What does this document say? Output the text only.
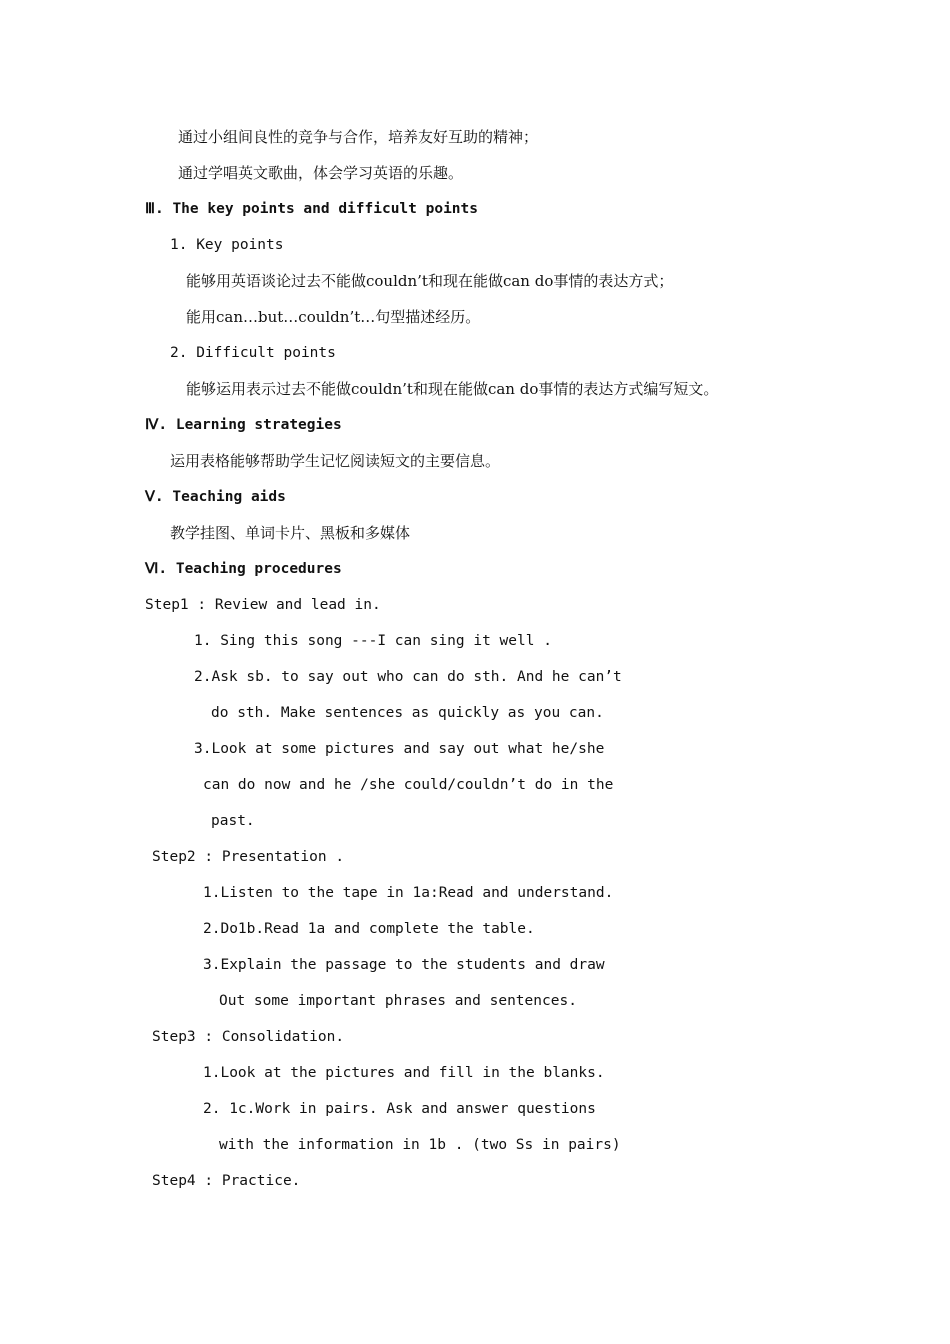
通过小组间良性的竞争与合作，培养友好互助的精神；
通过学唱英文歌曲，体会学习英语的乐趣。
Ⅲ. The key points and difficult points
1. Key points
能够用英语谈论过去不能做couldn’t和现在能做can do事情的表达方式；
能用can…but…couldn’t…句型描述经历。
2. Difficult points
能够运用表示过去不能做couldn’t和现在能做can do事情的表达方式编写短文。
Ⅳ. Learning strategies
运用表格能够帮助学生记忆阅读短文的主要信息。
Ⅴ. Teaching aids
教学挂图、单词卡片、黑板和多媒体
Ⅵ. Teaching procedures
Step1 : Review and lead in.
1. Sing this song ---I can sing it well .
2.Ask sb. to say out who can do sth. And he can’t
do sth. Make sentences as quickly as you can.
3.Look at some pictures and say out what he/she
can do now and he /she could/couldn’t do in the
past.
Step2 : Presentation .
1.Listen to the tape in 1a:Read and understand.
2.Do1b.Read 1a and complete the table.
3.Explain the passage to the students and draw
Out some important phrases and sentences.
Step3 : Consolidation.
1.Look at the pictures and fill in the blanks.
2. 1c.Work in pairs. Ask and answer questions
with the information in 1b . (two Ss in pairs)
Step4 : Practice.
